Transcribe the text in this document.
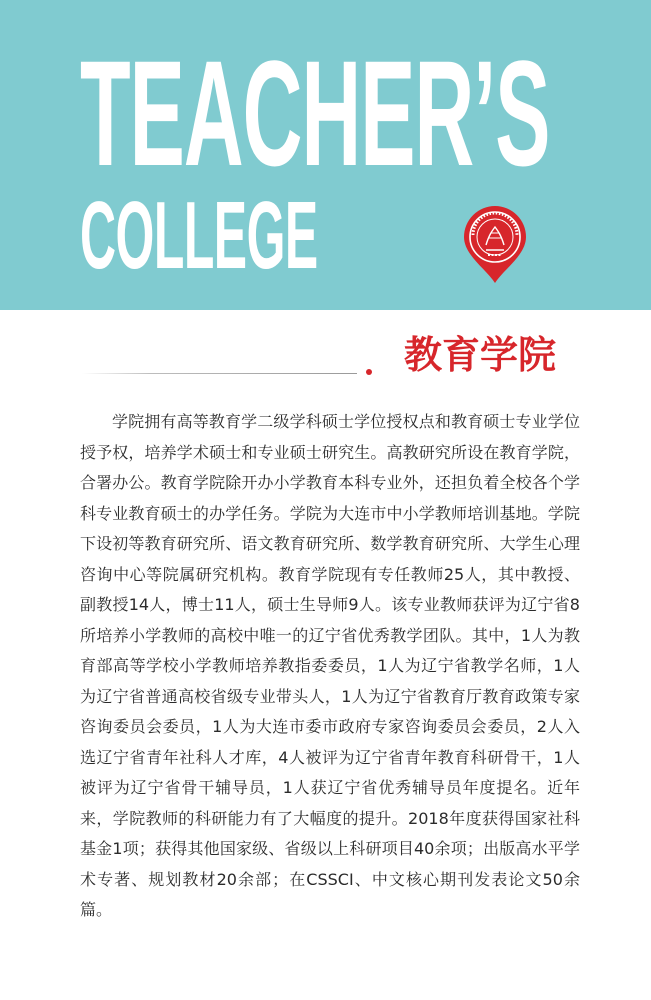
TEACHER’S
COLLEGE
教育学院

学院拥有高等教育学二级学科硕士学位授权点和教育硕士专业学位授予权，培养学术硕士和专业硕士研究生。高教研究所设在教育学院，合署办公。教育学院除开办小学教育本科专业外，还担负着全校各个学科专业教育硕士的办学任务。学院为大连市中小学教师培训基地。学院下设初等教育研究所、语文教育研究所、数学教育研究所、大学生心理咨询中心等院属研究机构。教育学院现有专任教师25人，其中教授、副教授14人，博士11人，硕士生导师9人。该专业教师获评为辽宁省8所培养小学教师的高校中唯一的辽宁省优秀教学团队。其中，1人为教育部高等学校小学教师培养教指委委员，1人为辽宁省教学名师，1人为辽宁省普通高校省级专业带头人，1人为辽宁省教育厅教育政策专家咨询委员会委员，1人为大连市委市政府专家咨询委员会委员，2人入选辽宁省青年社科人才库，4人被评为辽宁省青年教育科研骨干，1人被评为辽宁省骨干辅导员，1人获辽宁省优秀辅导员年度提名。近年来，学院教师的科研能力有了大幅度的提升。2018年度获得国家社科基金1项；获得其他国家级、省级以上科研项目40余项；出版高水平学术专著、规划教材20余部；在CSSCI、中文核心期刊发表论文50余篇。
